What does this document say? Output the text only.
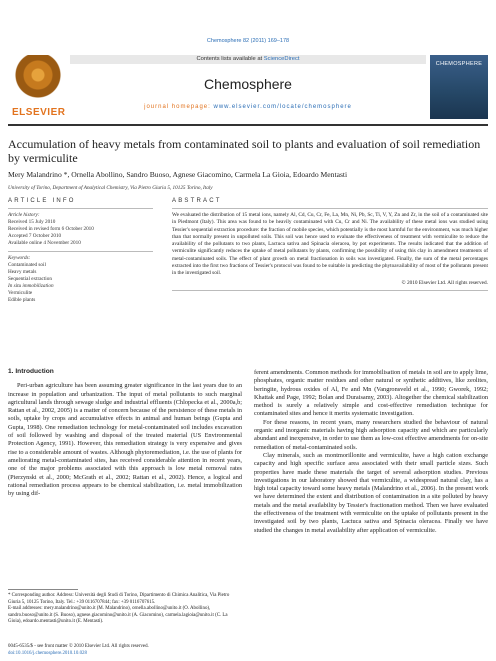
Chemosphere 82 (2011) 169–178
ELSEVIER
Contents lists available at ScienceDirect
Chemosphere
journal homepage: www.elsevier.com/locate/chemosphere
CHEMOSPHERE
Accumulation of heavy metals from contaminated soil to plants and evaluation of soil remediation by vermiculite
Mery Malandrino *, Ornella Abollino, Sandro Buoso, Agnese Giacomino, Carmela La Gioia, Edoardo Mentasti
University of Torino, Department of Analytical Chemistry, Via Pietro Giuria 5, 10125 Torino, Italy
ARTICLE INFO
Article history:
Received 15 July 2010
Received in revised form 6 October 2010
Accepted 7 October 2010
Available online 4 November 2010
Keywords:
Contaminated soil
Heavy metals
Sequential extraction
In situ immobilization
Vermiculite
Edible plants
ABSTRACT
We evaluated the distribution of 15 metal ions, namely Al, Cd, Cu, Cr, Fe, La, Mn, Ni, Pb, Sc, Ti, V, Y, Zn and Zr, in the soil of a contaminated site in Piedmont (Italy). This area was found to be heavily contaminated with Cu, Cr and Ni. The availability of these metal ions was studied using Tessier's sequential extraction procedure: the fraction of mobile species, which potentially is the most harmful for the environment, was much higher than that normally present in unpolluted soils. This soil was hence used to evaluate the effectiveness of treatment with vermiculite to reduce the availability of the pollutants to two plants, Lactuca sativa and Spinacia oleracea, by pot experiments. The results indicated that the addition of vermiculite significantly reduces the uptake of metal pollutants by plants, confirming the possibility of using this clay in amendment treatments of metal-contaminated soils. The effect of plant growth on metal fractionation in soils was investigated. Finally, the sum of the metal percentages extracted into the first two fractions of Tessier's protocol was found to be suitable in predicting the phytoavailability of most of the pollutants present in the investigated soil.
© 2010 Elsevier Ltd. All rights reserved.
1. Introduction
Peri-urban agriculture has been assuming greater significance in the last years due to an increase in population and urbanization. The input of metal pollutants to such marginal agricultural lands through sewage sludge and industrial effluents (Chlopecka et al., 2000a,b; Rattan et al., 2002, 2005) is a matter of concern because of the persistence of these metals in soils, uptake by crops and accumulative effects in animal and human beings (Gupta and Gupta, 1998). One remediation technology for metal-contaminated soil includes excavation of soil followed by washing and disposal of the treated material (US Environmental Protection Agency, 1991). However, this remediation strategy is very expensive and gives rise to a considerable amount of wastes. Although phytoremediation, i.e. the use of plants for ameliorating metal-contaminated sites, has received considerable attention in recent years, one of the major problems associated with this approach is low metal removal rates (Pierzynski et al., 2000; McGrath et al., 2002; Rattan et al., 2002). Hence, a logical and rational remediation process appears to be chemical stabilization, i.e. metal immobilization by using dif-
ferent amendments. Common methods for immobilisation of metals in soil are to apply lime, phosphates, organic matter residues and other natural or synthetic additives, like zeolites, beringite, hydrous oxides of Al, Fe and Mn (Vangronsveld et al., 1990; Gworek, 1992; Khattak and Page, 1992; Bolan and Duraisamy, 2003). Altogether the chemical stabilization method is surely a relatively simple and cost-effective remediation technique for contaminated sites and hence it merits systematic investigation.
For these reasons, in recent years, many researchers studied the behaviour of natural organic and inorganic materials having high adsorption capacity and which are particularly abundant and inexpensive, in order to use them as low-cost effective amendments for on-site remediation of metal-contaminated soils.
Clay minerals, such as montmorillonite and vermiculite, have a high cation exchange capacity and high specific surface area associated with their small particle sizes. Such properties have made these materials the target of several adsorption studies. Previous investigations in our laboratory showed that vermiculite, a widespread natural clay, has a high total capacity toward some heavy metals (Malandrino et al., 2006). In the present work we have determined the extent and distribution of contamination in a site polluted by heavy metals and the metal availability by Tessier's fractionation method. Then we have evaluated the effectiveness of the treatment with vermiculite on the uptake of pollutants present in the investigated soil by two plants, Lactuca sativa and Spinacia oleracea. Finally we have studied the changes in metal availability after application of vermiculite.
* Corresponding author. Address: Università degli Studi di Torino, Dipartimento di Chimica Analitica, Via Pietro Giuria 5, 10125 Torino, Italy. Tel.: +39 0116707844; fax: +39 0116707615.
E-mail addresses: mery.malandrino@unito.it (M. Malandrino), ornella.abollino@unito.it (O. Abollino), sandro.buoso@unito.it (S. Buoso), agnese.giacomino@unito.it (A. Giacomino), carmela.lagioia@unito.it (C. La Gioia), edoardo.mentasti@unito.it (E. Mentasti).
0045-6535/$ - see front matter © 2010 Elsevier Ltd. All rights reserved.
doi:10.1016/j.chemosphere.2010.10.028
